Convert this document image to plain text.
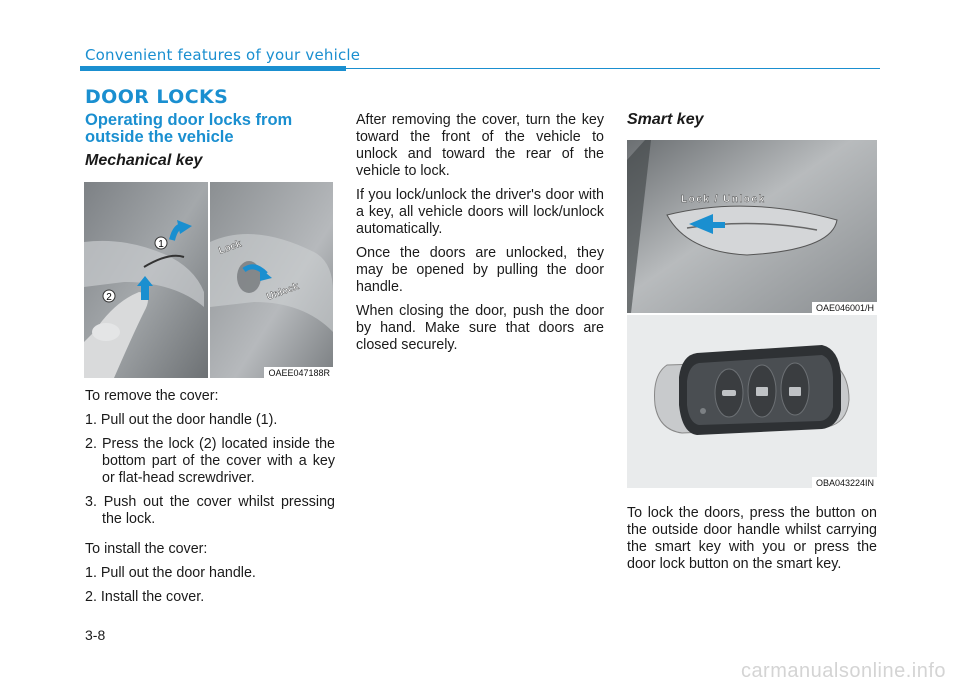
Convenient features of your vehicle
DOOR LOCKS
Operating door locks from outside the vehicle
Mechanical key
1
2
Lock
Unlock
OAEE047188R

To remove the cover:

1. Pull out the door handle (1).

2. Press the lock (2) located inside the bottom part of the cover with a key or flat-head screwdriver.

3. Push out the cover whilst pressing the lock.

To install the cover:

1. Pull out the door handle.

2. Install the cover.

After removing the cover, turn the key toward the front of the vehicle to unlock and toward the rear of the vehicle to lock.

If you lock/unlock the driver's door with a key, all vehicle doors will lock/unlock automatically.

Once the doors are unlocked, they may be opened by pulling the door handle.

When closing the door, push the door by hand. Make sure that doors are closed securely.

Smart key
Lock / Unlock
OAE046001/H
OBA043224IN

To lock the doors, press the button on the outside door handle whilst carrying the smart key with you or press the door lock button on the smart key.

3-8
carmanualsonline.info
